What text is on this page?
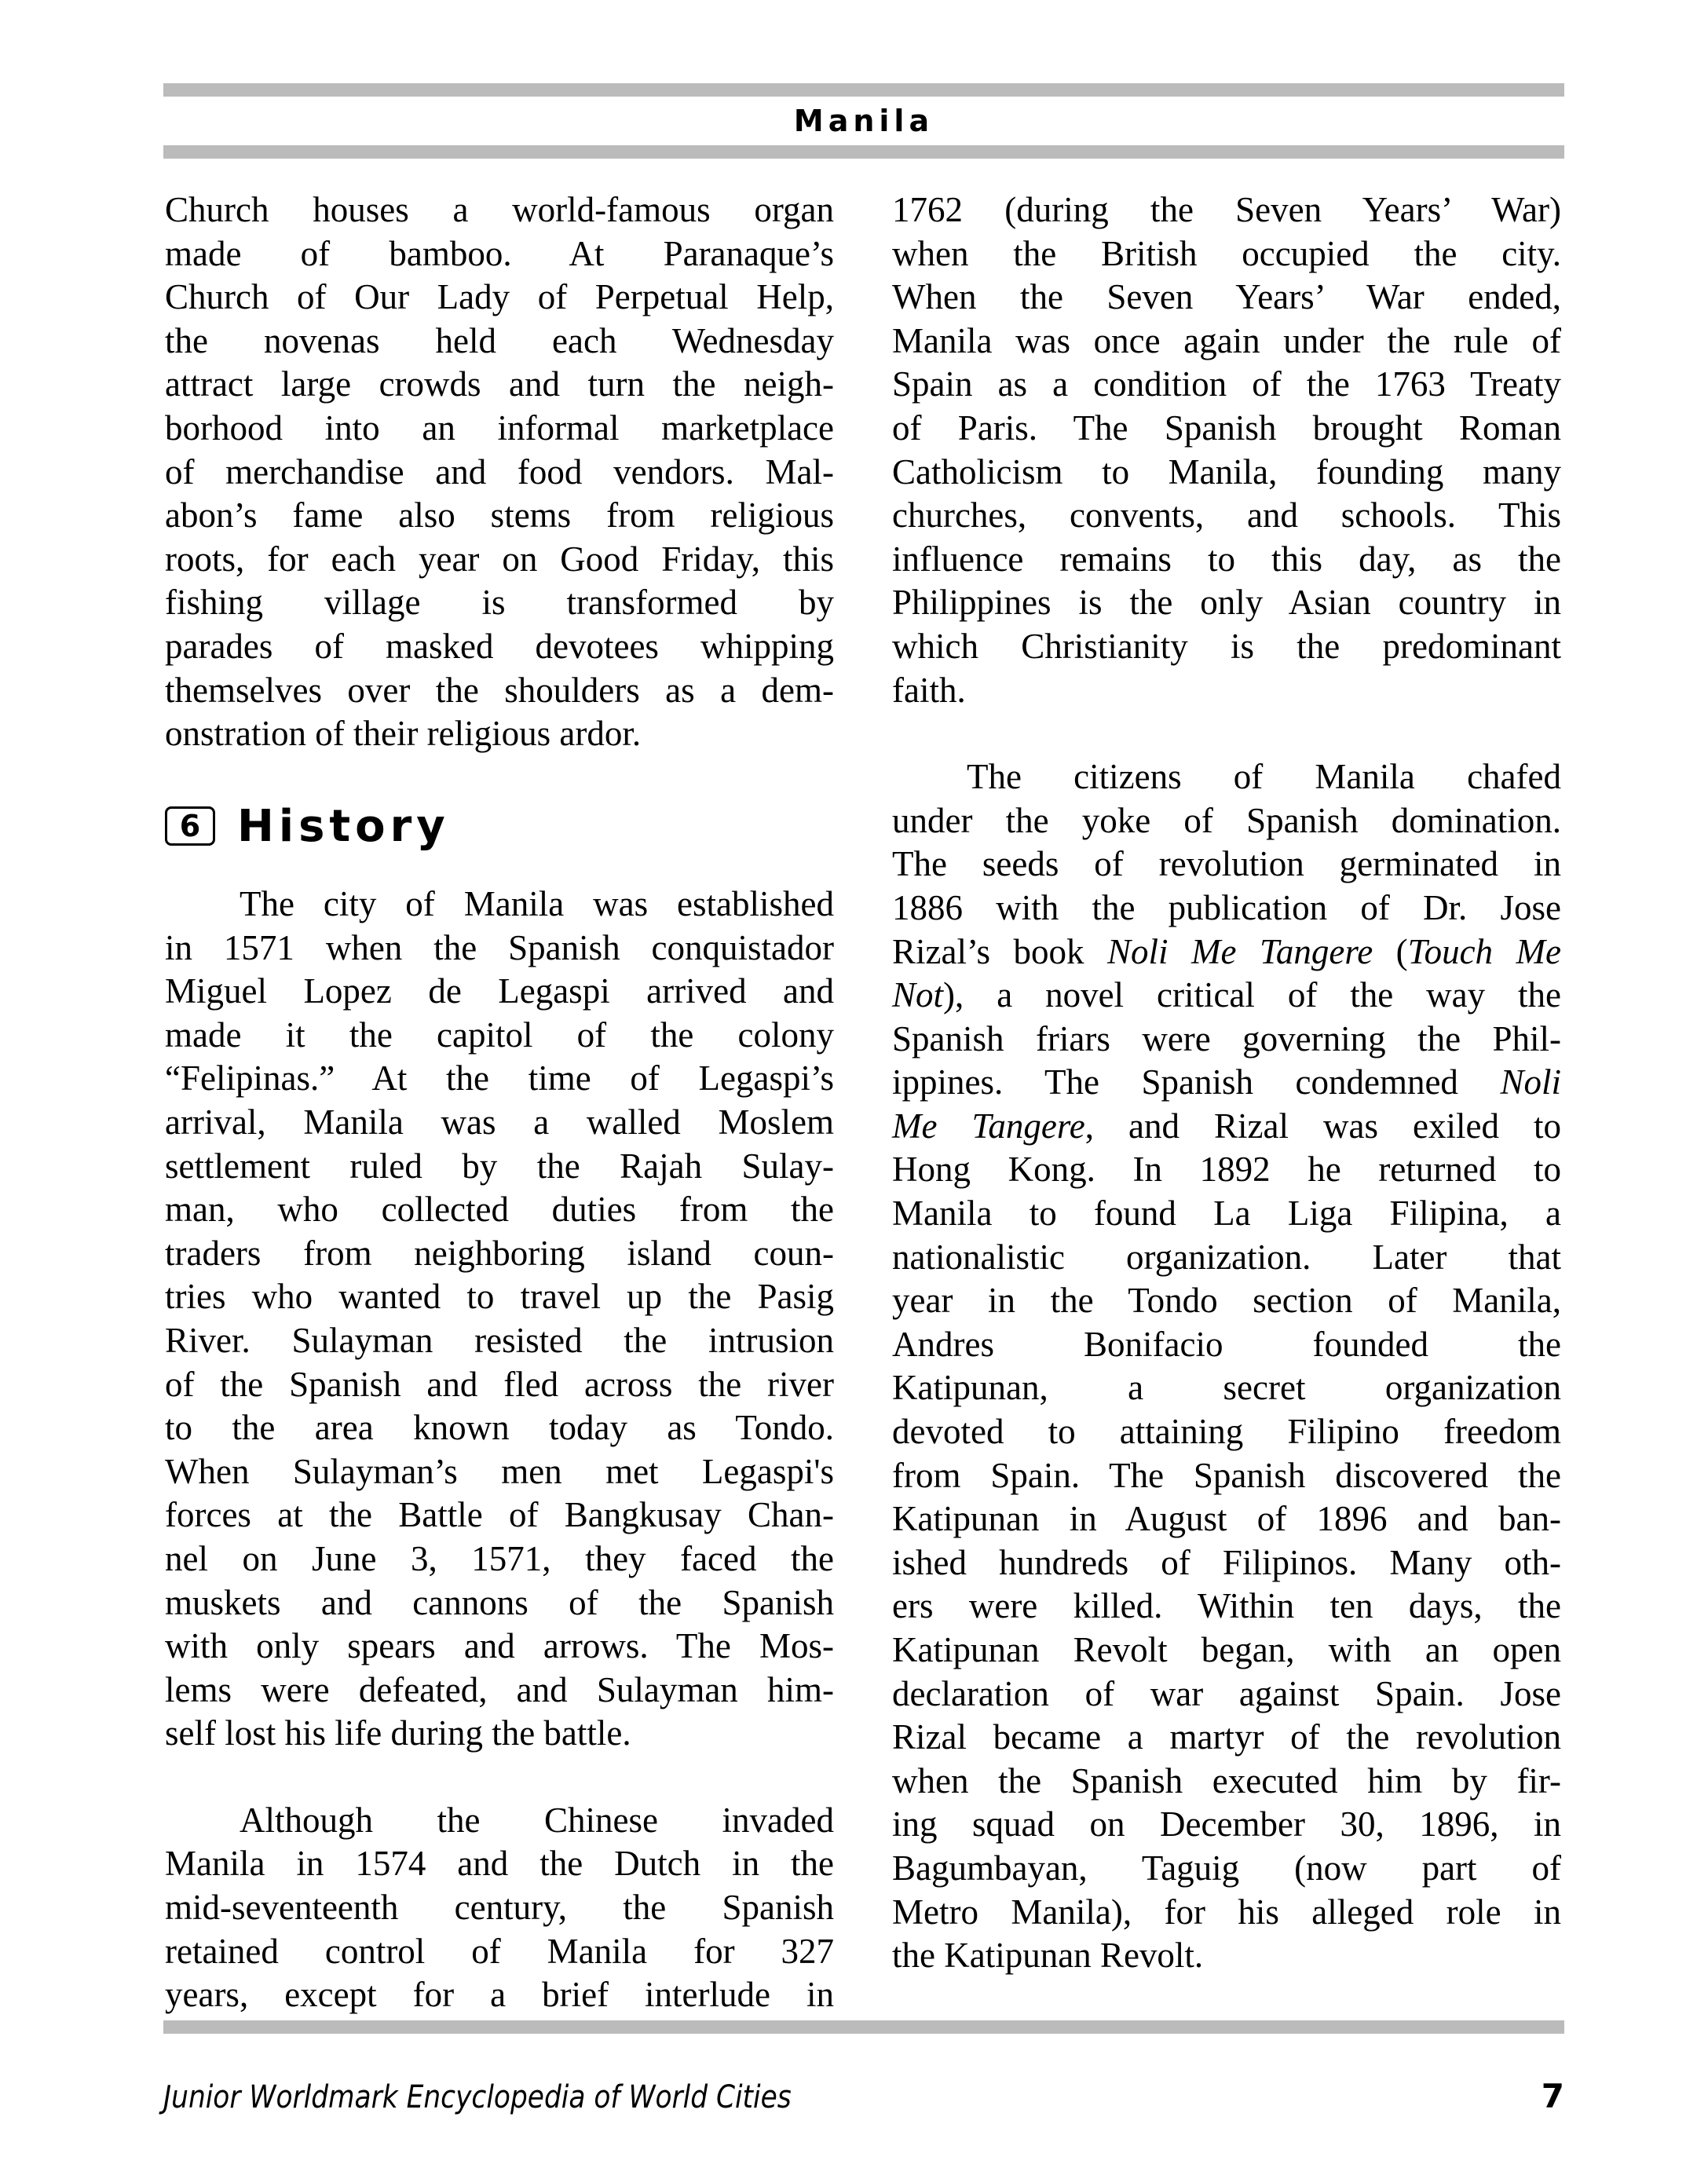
Manila
Church houses a world-famous organ
made of bamboo. At Paranaque’s
Church of Our Lady of Perpetual Help,
the novenas held each Wednesday
attract large crowds and turn the neigh-
borhood into an informal marketplace
of merchandise and food vendors. Mal-
abon’s fame also stems from religious
roots, for each year on Good Friday, this
fishing village is transformed by
parades of masked devotees whipping
themselves over the shoulders as a dem-
onstration of their religious ardor.
6 History
The city of Manila was established
in 1571 when the Spanish conquistador
Miguel Lopez de Legaspi arrived and
made it the capitol of the colony
“Felipinas.” At the time of Legaspi’s
arrival, Manila was a walled Moslem
settlement ruled by the Rajah Sulay-
man, who collected duties from the
traders from neighboring island coun-
tries who wanted to travel up the Pasig
River. Sulayman resisted the intrusion
of the Spanish and fled across the river
to the area known today as Tondo.
When Sulayman’s men met Legaspi's
forces at the Battle of Bangkusay Chan-
nel on June 3, 1571, they faced the
muskets and cannons of the Spanish
with only spears and arrows. The Mos-
lems were defeated, and Sulayman him-
self lost his life during the battle.
Although the Chinese invaded
Manila in 1574 and the Dutch in the
mid-seventeenth century, the Spanish
retained control of Manila for 327
years, except for a brief interlude in
1762 (during the Seven Years’ War)
when the British occupied the city.
When the Seven Years’ War ended,
Manila was once again under the rule of
Spain as a condition of the 1763 Treaty
of Paris. The Spanish brought Roman
Catholicism to Manila, founding many
churches, convents, and schools. This
influence remains to this day, as the
Philippines is the only Asian country in
which Christianity is the predominant
faith.
The citizens of Manila chafed
under the yoke of Spanish domination.
The seeds of revolution germinated in
1886 with the publication of Dr. Jose
Rizal’s book Noli Me Tangere (Touch Me
Not), a novel critical of the way the
Spanish friars were governing the Phil-
ippines. The Spanish condemned Noli
Me Tangere, and Rizal was exiled to
Hong Kong. In 1892 he returned to
Manila to found La Liga Filipina, a
nationalistic organization. Later that
year in the Tondo section of Manila,
Andres Bonifacio founded the
Katipunan, a secret organization
devoted to attaining Filipino freedom
from Spain. The Spanish discovered the
Katipunan in August of 1896 and ban-
ished hundreds of Filipinos. Many oth-
ers were killed. Within ten days, the
Katipunan Revolt began, with an open
declaration of war against Spain. Jose
Rizal became a martyr of the revolution
when the Spanish executed him by fir-
ing squad on December 30, 1896, in
Bagumbayan, Taguig (now part of
Metro Manila), for his alleged role in
the Katipunan Revolt.
Junior Worldmark Encyclopedia of World Cities	7
